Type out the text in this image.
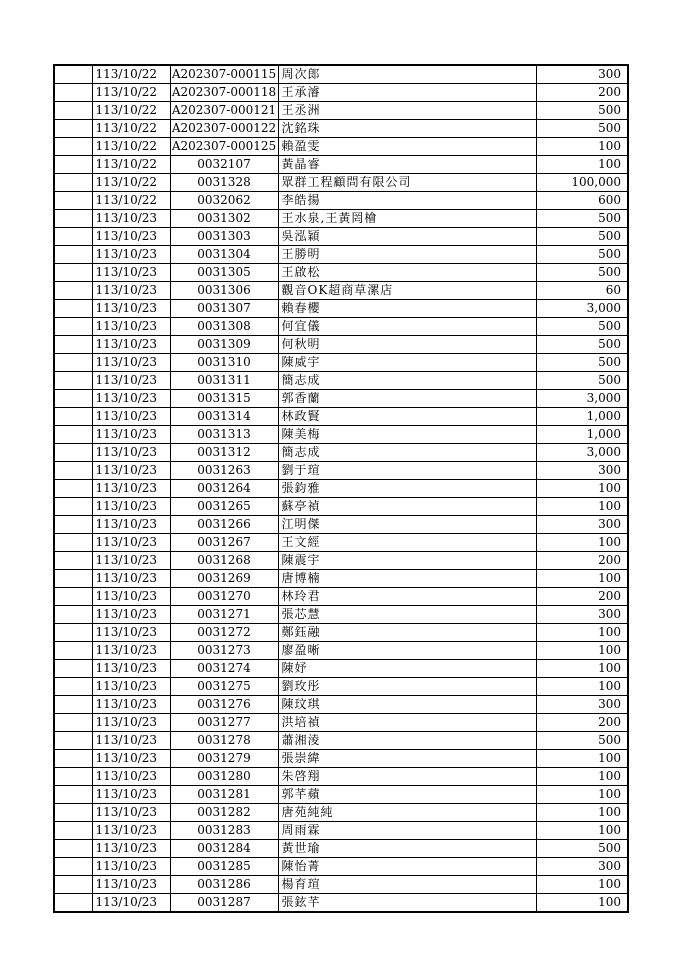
	113/10/22	A202307-000115	周次郎	300
	113/10/22	A202307-000118	王承濬	200
	113/10/22	A202307-000121	王丞洲	500
	113/10/22	A202307-000122	沈銘珠	500
	113/10/22	A202307-000125	賴盈雯	100
	113/10/22	0032107	黃晶睿	100
	113/10/22	0031328	眾群工程顧問有限公司	100,000
	113/10/22	0032062	李皓揚	600
	113/10/23	0031302	王水泉,王黃罔檜	500
	113/10/23	0031303	吳泓穎	500
	113/10/23	0031304	王勝明	500
	113/10/23	0031305	王啟松	500
	113/10/23	0031306	觀音OK超商草漯店	60
	113/10/23	0031307	賴春櫻	3,000
	113/10/23	0031308	何宜儀	500
	113/10/23	0031309	何秋明	500
	113/10/23	0031310	陳威宇	500
	113/10/23	0031311	簡志成	500
	113/10/23	0031315	郭香蘭	3,000
	113/10/23	0031314	林政賢	1,000
	113/10/23	0031313	陳美梅	1,000
	113/10/23	0031312	簡志成	3,000
	113/10/23	0031263	劉于瑄	300
	113/10/23	0031264	張鈞雅	100
	113/10/23	0031265	蘇亭禎	100
	113/10/23	0031266	江明傑	300
	113/10/23	0031267	王文經	100
	113/10/23	0031268	陳震宇	200
	113/10/23	0031269	唐博楠	100
	113/10/23	0031270	林玲君	200
	113/10/23	0031271	張芯慧	300
	113/10/23	0031272	鄭鈺融	100
	113/10/23	0031273	廖盈晰	100
	113/10/23	0031274	陳妤	100
	113/10/23	0031275	劉玫彤	100
	113/10/23	0031276	陳玟琪	300
	113/10/23	0031277	洪培禎	200
	113/10/23	0031278	蕭湘淩	500
	113/10/23	0031279	張崇緯	100
	113/10/23	0031280	朱啓翔	100
	113/10/23	0031281	郭芊蘋	100
	113/10/23	0031282	唐苑純純	100
	113/10/23	0031283	周雨霖	100
	113/10/23	0031284	黃世瑜	500
	113/10/23	0031285	陳怡菁	300
	113/10/23	0031286	楊育瑄	100
	113/10/23	0031287	張鉉芊	100
